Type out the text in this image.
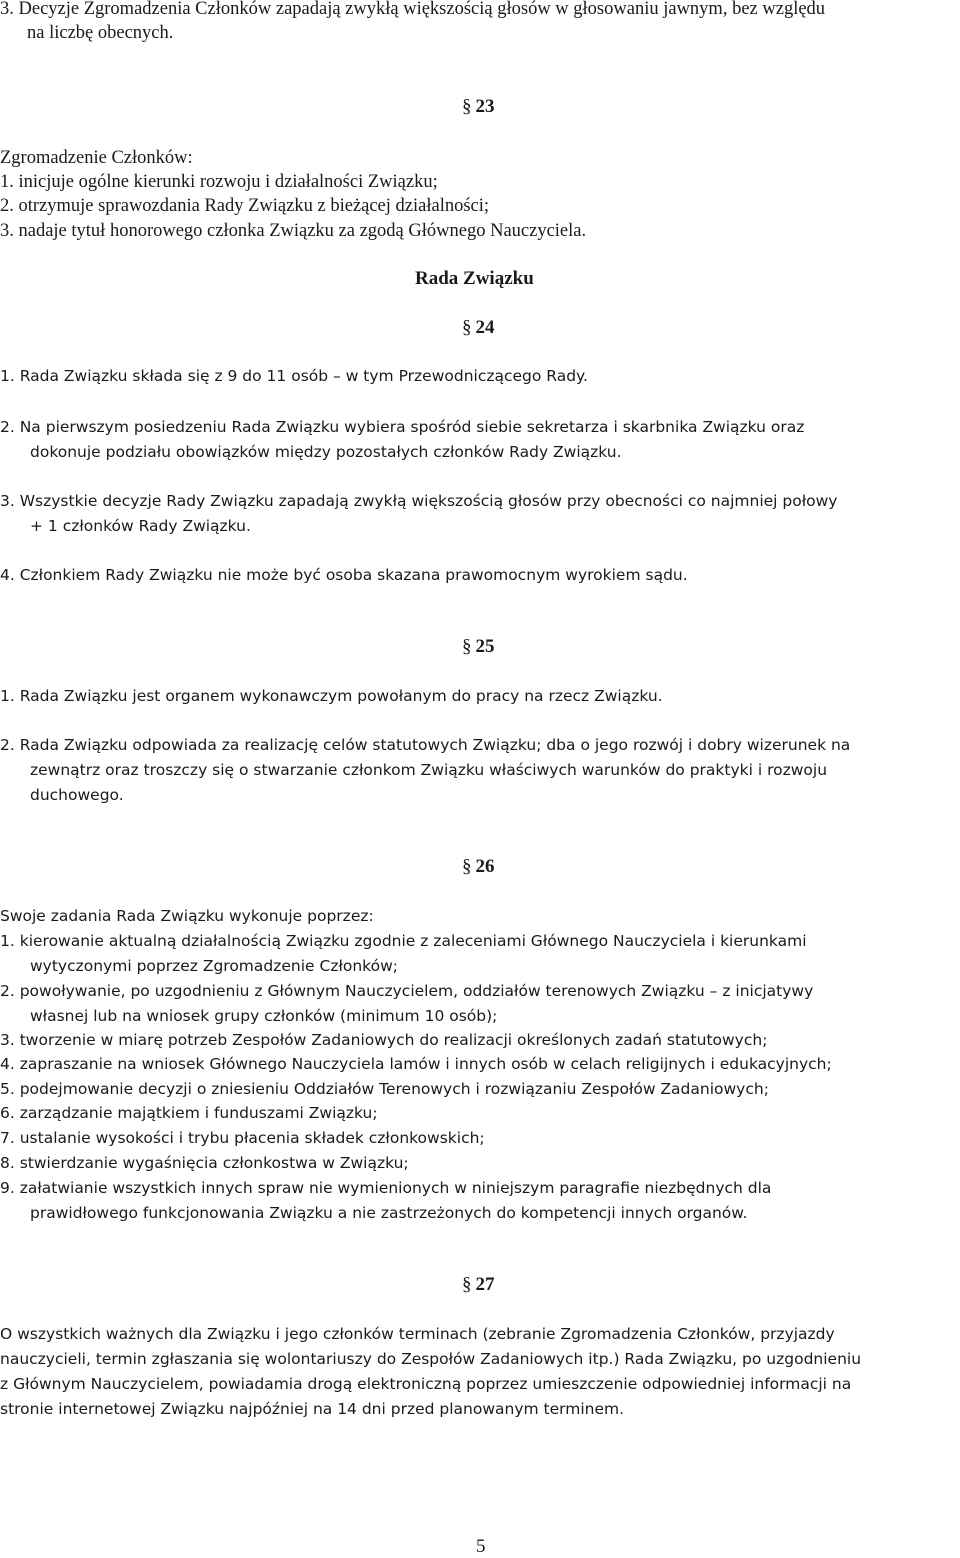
3. Decyzje Zgromadzenia Członków zapadają zwykłą większością głosów w głosowaniu jawnym, bez względu

na liczbę obecnych.

§ 23

Zgromadzenie Członków:

1. inicjuje ogólne kierunki rozwoju i działalności Związku;

2. otrzymuje sprawozdania Rady Związku z bieżącej działalności;

3. nadaje tytuł honorowego członka Związku za zgodą Głównego Nauczyciela.

Rada Związku
§ 24

1. Rada Związku składa się z 9 do 11 osób – w tym Przewodniczącego Rady.

2. Na pierwszym posiedzeniu Rada Związku wybiera spośród siebie sekretarza i skarbnika Związku oraz

dokonuje podziału obowiązków między pozostałych członków Rady Związku.

3. Wszystkie decyzje Rady Związku zapadają zwykłą większością głosów przy obecności co najmniej połowy

+ 1 członków Rady Związku.

4. Członkiem Rady Związku nie może być osoba skazana prawomocnym wyrokiem sądu.

§ 25

1. Rada Związku jest organem wykonawczym powołanym do pracy na rzecz Związku.

2. Rada Związku odpowiada za realizację celów statutowych Związku; dba o jego rozwój i dobry wizerunek na

zewnątrz oraz troszczy się o stwarzanie członkom Związku właściwych warunków do praktyki i rozwoju

duchowego.

§ 26

Swoje zadania Rada Związku wykonuje poprzez:

1. kierowanie aktualną działalnością Związku zgodnie z zaleceniami Głównego Nauczyciela i kierunkami

wytyczonymi poprzez Zgromadzenie Członków;

2. powoływanie, po uzgodnieniu z Głównym Nauczycielem, oddziałów terenowych Związku – z inicjatywy

własnej lub na wniosek grupy członków (minimum 10 osób);

3. tworzenie w miarę potrzeb Zespołów Zadaniowych do realizacji określonych zadań statutowych;

4. zapraszanie na wniosek Głównego Nauczyciela lamów i innych osób w celach religijnych i edukacyjnych;

5. podejmowanie decyzji o zniesieniu Oddziałów Terenowych i rozwiązaniu Zespołów Zadaniowych;

6. zarządzanie majątkiem i funduszami Związku;

7. ustalanie wysokości i trybu płacenia składek członkowskich;

8. stwierdzanie wygaśnięcia członkostwa w Związku;

9. załatwianie wszystkich innych spraw nie wymienionych w niniejszym paragrafie niezbędnych dla

prawidłowego funkcjonowania Związku a nie zastrzeżonych do kompetencji innych organów.

§ 27

O wszystkich ważnych dla Związku i jego członków terminach (zebranie Zgromadzenia Członków, przyjazdy

nauczycieli, termin zgłaszania się wolontariuszy do Zespołów Zadaniowych itp.) Rada Związku, po uzgodnieniu

z Głównym Nauczycielem, powiadamia drogą elektroniczną poprzez umieszczenie odpowiedniej informacji na

stronie internetowej Związku najpóźniej na 14 dni przed planowanym terminem.

5
